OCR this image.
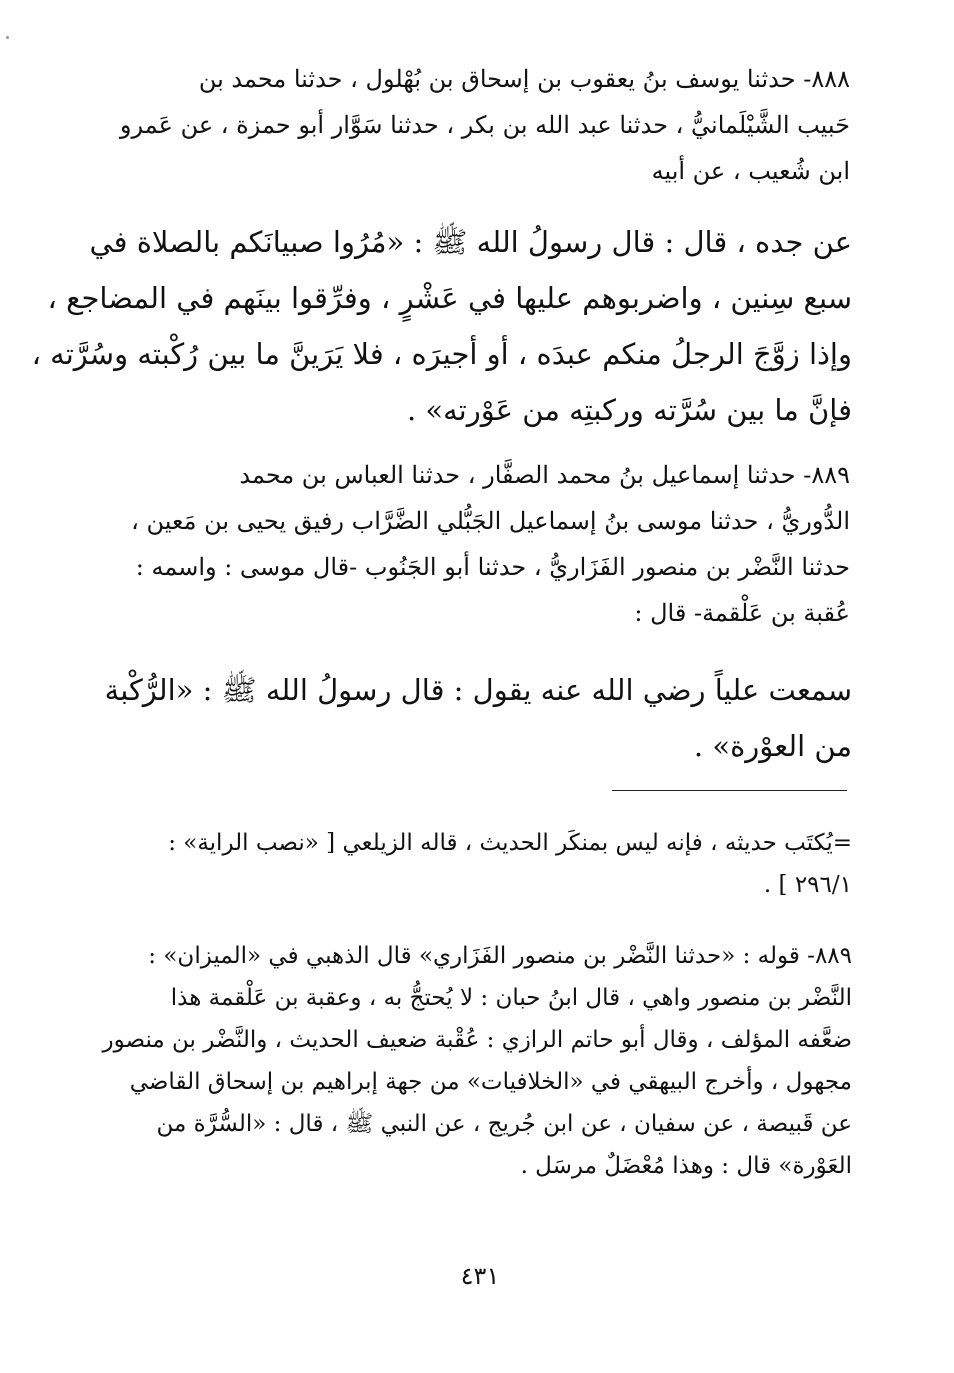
٨٨٨- حدثنا يوسف بنُ يعقوب بن إسحاق بن بُهْلول ، حدثنا محمد بن
حَبيب الشَّيْلَمانيُّ ، حدثنا عبد الله بن بكر ، حدثنا سَوَّار أبو حمزة ، عن عَمرو
ابن شُعيب ، عن أبيه
عن جده ، قال : قال رسولُ الله ﷺ : «مُرُوا صبيانَكم بالصلاة في
سبع سِنين ، واضربوهم عليها في عَشْرٍ ، وفرِّقوا بينَهم في المضاجع ،
وإذا زوَّجَ الرجلُ منكم عبدَه ، أو أجيرَه ، فلا يَرَينَّ ما بين رُكْبته وسُرَّته ،
فإنَّ ما بين سُرَّته وركبتِه من عَوْرته» .
٨٨٩- حدثنا إسماعيل بنُ محمد الصفَّار ، حدثنا العباس بن محمد
الدُّوريُّ ، حدثنا موسى بنُ إسماعيل الجَبُّلي الضَّرَّاب رفيق يحيى بن مَعين ،
حدثنا النَّضْر بن منصور الفَزَاريُّ ، حدثنا أبو الجَنُوب -قال موسى : واسمه :
عُقبة بن عَلْقمة- قال :
سمعت علياً رضي الله عنه يقول : قال رسولُ الله ﷺ : «الرُّكْبة
من العوْرة» .
=يُكتَب حديثه ، فإنه ليس بمنكَر الحديث ، قاله الزيلعي [ «نصب الراية» :
٢٩٦/١ ] .
٨٨٩- قوله : «حدثنا النَّضْر بن منصور الفَزَاري» قال الذهبي في «الميزان» :
النَّضْر بن منصور واهي ، قال ابنُ حبان : لا يُحتجُّ به ، وعقبة بن عَلْقمة هذا
ضعَّفه المؤلف ، وقال أبو حاتم الرازي : عُقْبة ضعيف الحديث ، والنَّضْر بن منصور
مجهول ، وأخرج البيهقي في «الخلافيات» من جهة إبراهيم بن إسحاق القاضي
عن قَبيصة ، عن سفيان ، عن ابن جُريج ، عن النبي ﷺ ، قال : «السُّرَّة من
العَوْرة» قال : وهذا مُعْضَلٌ مرسَل .
٤٣١
